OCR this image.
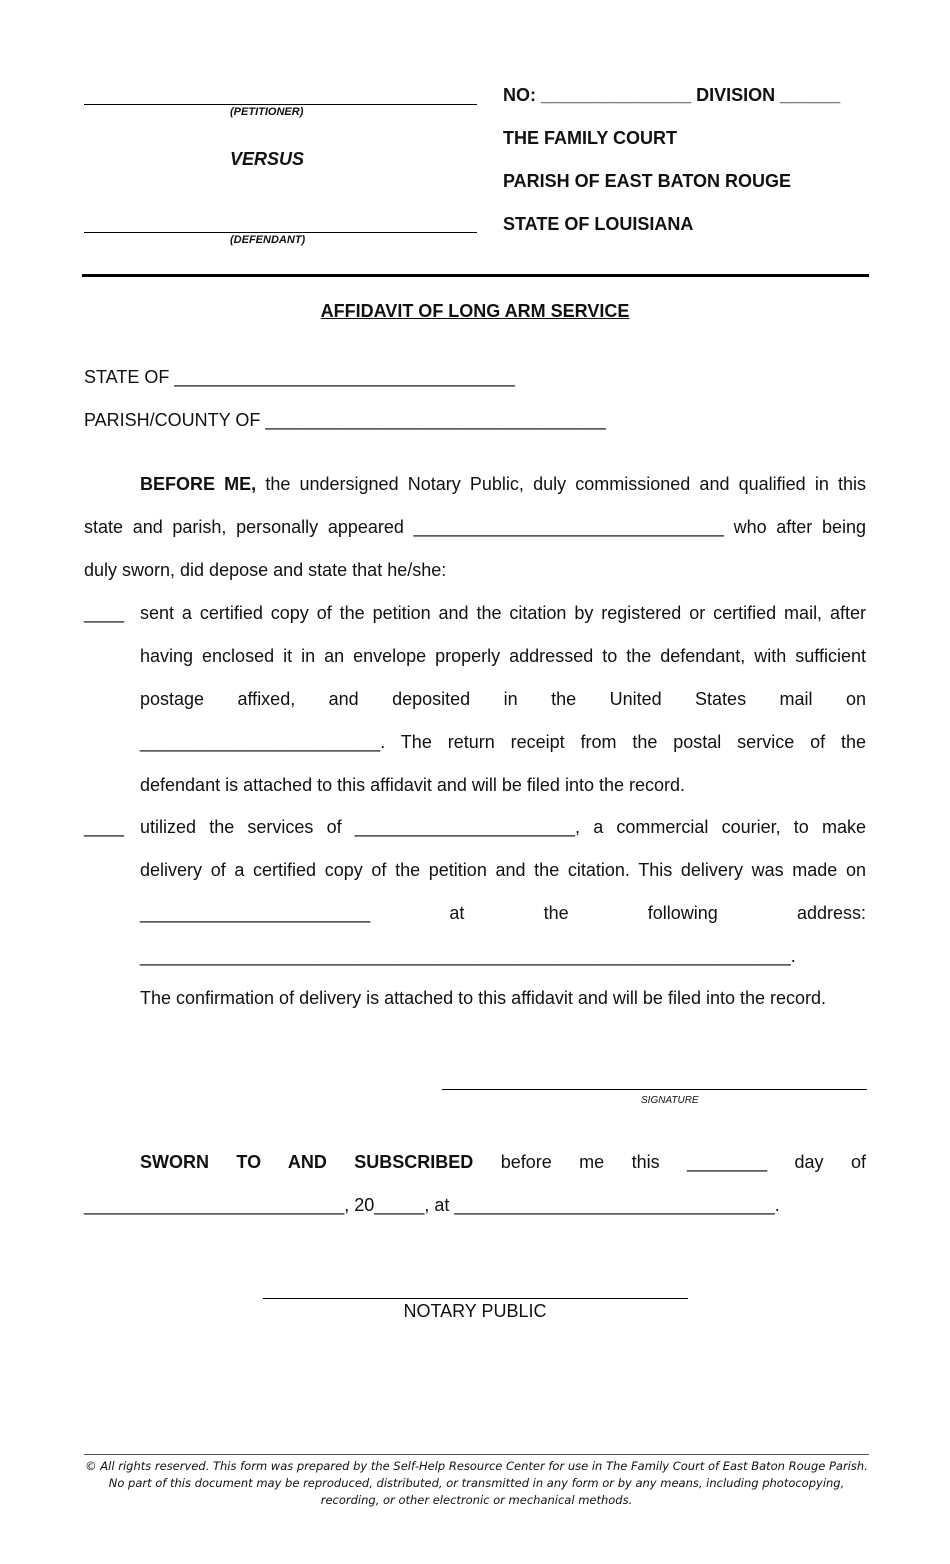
(PETITIONER)
VERSUS
(DEFENDANT)
NO: _______________ DIVISION ______
THE FAMILY COURT
PARISH OF EAST BATON ROUGE
STATE OF LOUISIANA
AFFIDAVIT OF LONG ARM SERVICE
STATE OF __________________________________
PARISH/COUNTY OF __________________________________
BEFORE ME, the undersigned Notary Public, duly commissioned and qualified in this
state and parish, personally appeared _______________________________ who after being
duly sworn, did depose and state that he/she:
____ sent a certified copy of the petition and the citation by registered or certified mail, after
having enclosed it in an envelope properly addressed to the defendant, with sufficient
postage affixed, and deposited in the United States mail on
________________________. The return receipt from the postal service of the
defendant is attached to this affidavit and will be filed into the record.
____ utilized the services of ______________________, a commercial courier, to make
delivery of a certified copy of the petition and the citation. This delivery was made on
_______________________ at the following address:
_________________________________________________________________.
The confirmation of delivery is attached to this affidavit and will be filed into the record.
SIGNATURE
SWORN TO AND SUBSCRIBED before me this ________ day of
__________________________, 20_____, at ________________________________.
NOTARY PUBLIC
© All rights reserved. This form was prepared by the Self-Help Resource Center for use in The Family Court of East Baton Rouge Parish. No part of this document may be reproduced, distributed, or transmitted in any form or by any means, including photocopying, recording, or other electronic or mechanical methods.
